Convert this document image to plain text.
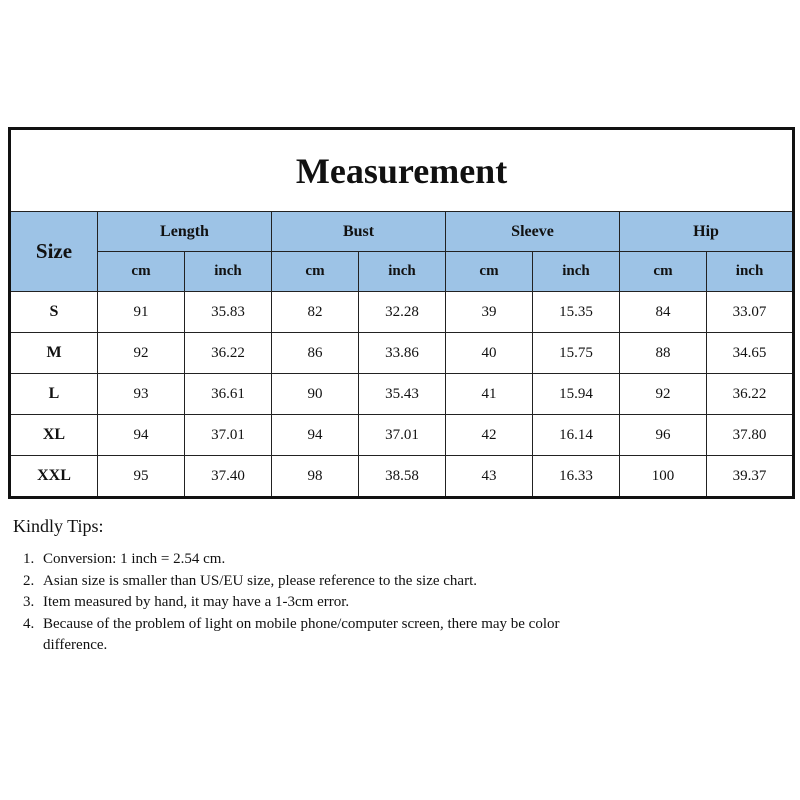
Measurement								
Size	Length		Bust		Sleeve		Hip	
	cm	inch	cm	inch	cm	inch	cm	inch
S	91	35.83	82	32.28	39	15.35	84	33.07
M	92	36.22	86	33.86	40	15.75	88	34.65
L	93	36.61	90	35.43	41	15.94	92	36.22
XL	94	37.01	94	37.01	42	16.14	96	37.80
XXL	95	37.40	98	38.58	43	16.33	100	39.37

Kindly Tips:

1. Conversion: 1 inch = 2.54 cm.
2. Asian size is smaller than US/EU size, please reference to the size chart.
3. Item measured by hand, it may have a 1-3cm error.
4. Because of the problem of light on mobile phone/computer screen, there may be color difference.
